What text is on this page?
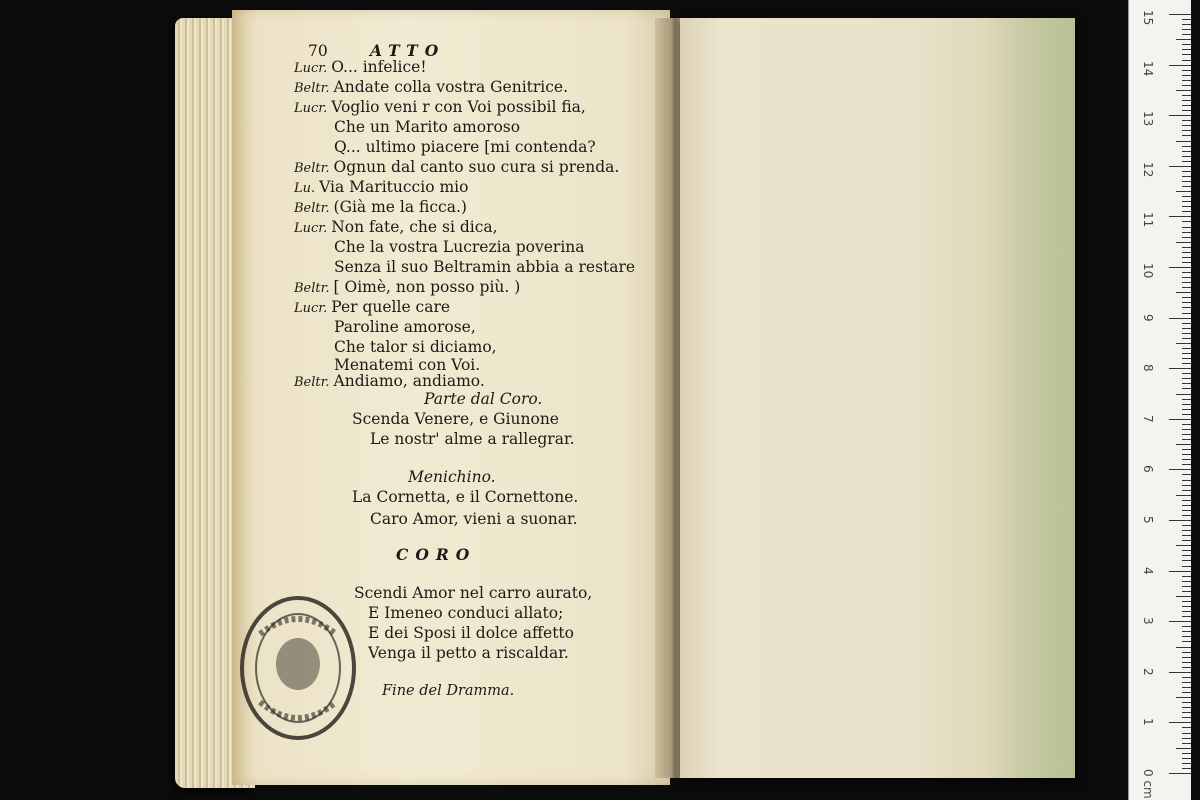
70	ATTO
Lucr. O... infelice!
Beltr. Andate colla vostra Genitrice.
Lucr. Voglio veni r con Voi possibil fia,
Che un Marito amoroso
Q... ultimo piacere [mi contenda?
Beltr. Ognun dal canto suo cura si prenda.
Lu. Via Marituccio mio
Beltr. (Già me la ficca.)
Lucr. Non fate, che si dica,
Che la vostra Lucrezia poverina
Senza il suo Beltramin abbia a restare
Beltr. [ Oimè, non posso più. )
Lucr. Per quelle care
Paroline amorose,
Che talor si diciamo,
Menatemi con Voi.
Beltr. Andiamo, andiamo.
Parte dal Coro.
Scenda Venere, e Giunone
Le nostr' alme a rallegrar.
Menichino.
La Cornetta, e il Cornettone.
Caro Amor, vieni a suonar.
CORO
Scendi Amor nel carro aurato,
E Imeneo conduci allato;
E dei Sposi il dolce affetto
Venga il petto a riscaldar.
Fine del Dramma.
15
14
13
12
11
10
9
8
7
6
5
4
3
2
1
0 cm
